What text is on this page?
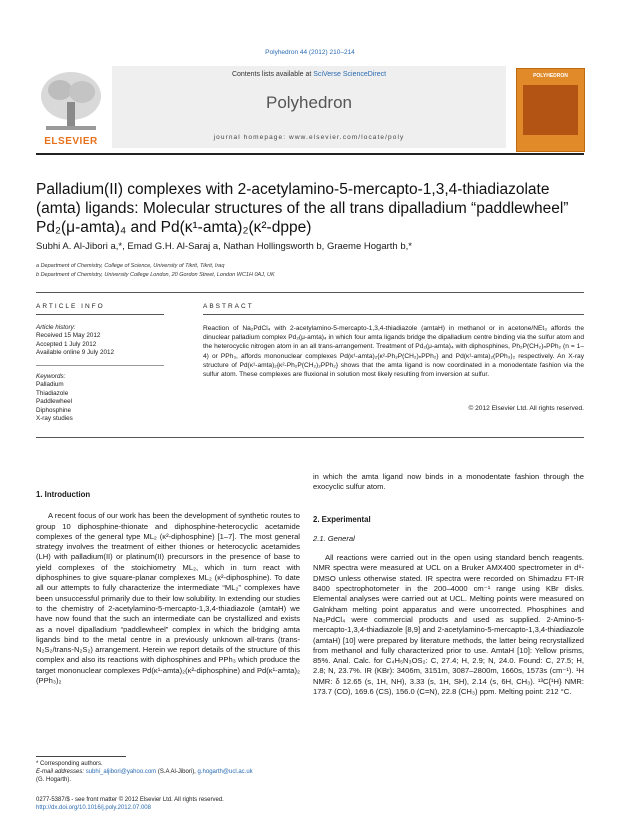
Polyhedron 44 (2012) 210–214
Contents lists available at SciVerse ScienceDirect
Polyhedron
journal homepage: www.elsevier.com/locate/poly
ELSEVIER
POLYHEDRON
Palladium(II) complexes with 2-acetylamino-5-mercapto-1,3,4-thiadiazolate
(amta) ligands: Molecular structures of the all trans dipalladium “paddlewheel”
Pd₂(μ-amta)₄ and Pd(κ¹-amta)₂(κ²-dppe)
Subhi A. Al-Jibori a,*, Emad G.H. Al-Saraj a, Nathan Hollingsworth b, Graeme Hogarth b,*
a Department of Chemistry, College of Science, University of Tikrit, Tikrit, Iraq
b Department of Chemistry, University College London, 20 Gordon Street, London WC1H 0AJ, UK
ARTICLE INFO	ABSTRACT
Article history:
Received 15 May 2012
Accepted 1 July 2012
Available online 9 July 2012
Keywords:
Palladium
Thiadiazole
Paddlewheel
Diphosphine
X-ray studies
Reaction of Na₂PdCl₄ with 2-acetylamino-5-mercapto-1,3,4-thiadiazole (amtaH) in methanol or in acetone/NEt₃ affords the dinuclear palladium complex Pd₂(μ-amta)₄ in which four amta ligands bridge the dipalladium centre binding via the sulfur atom and the heterocyclic nitrogen atom in an all trans-arrangement. Treatment of Pd₂(μ-amta)₄ with diphosphines, Ph₂P(CH₂)ₙPPh₂ (n = 1–4) or PPh₃, affords mononuclear complexes Pd(κ¹-amta)₂{κ²-Ph₂P(CH₂)ₙPPh₂} and Pd(κ¹-amta)₂(PPh₃)₂ respectively. An X-ray structure of Pd(κ¹-amta)₂{κ²-Ph₂P(CH₂)₂PPh₂} shows that the amta ligand is now coordinated in a monodentate fashion via the sulfur atom. These complexes are fluxional in solution most likely resulting from inversion at sulfur.
© 2012 Elsevier Ltd. All rights reserved.
1. Introduction
A recent focus of our work has been the development of synthetic routes to group 10 diphosphine-thionate and diphosphine-heterocyclic acetamide complexes of the general type ML₂ (κ²-diphosphine) [1–7]. The most general strategy involves the treatment of either thiones or heterocyclic acetamides (LH) with palladium(II) or platinum(II) precursors in the presence of base to yield complexes of the stoichiometry ML₂, which in turn react with diphosphines to give square-planar complexes ML₂ (κ²-diphosphine). To date all our attempts to fully characterize the intermediate “ML₂” complexes have been unsuccessful primarily due to their low solubility. In extending our studies to the chemistry of 2-acetylamino-5-mercapto-1,3,4-thiadiazole (amtaH) we have now found that the such an intermediate can be crystallized and exists as a novel dipalladium “paddlewheel” complex in which the bridging amta ligands bind to the metal centre in a previously unknown all-trans (trans-N₂S₂/trans-N₂S₂) arrangement. Herein we report details of the structure of this complex and also its reactions with diphosphines and PPh₃ which produce the target mononuclear complexes Pd(κ¹-amta)₂(κ²-diphosphine) and Pd(κ¹-amta)₂ (PPh₃)₂
in which the amta ligand now binds in a monodentate fashion through the exocyclic sulfur atom.
2. Experimental
2.1. General
All reactions were carried out in the open using standard bench reagents. NMR spectra were measured at UCL on a Bruker AMX400 spectrometer in d⁶-DMSO unless otherwise stated. IR spectra were recorded on Shimadzu FT-IR 8400 spectrophotometer in the 200–4000 cm⁻¹ range using KBr disks. Elemental analyses were carried out at UCL. Melting points were measured on Galnkham melting point apparatus and were uncorrected. Phosphines and Na₂PdCl₄ were commercial products and used as supplied. 2-Amino-5-mercapto-1,3,4-thiadiazole [8,9] and 2-acetylamino-5-mercapto-1,3,4-thiadiazole (amtaH) [10] were prepared by literature methods, the latter being recrystallized from methanol and fully characterized prior to use. AmtaH [10]: Yellow prisms, 85%. Anal. Calc. for C₄H₅N₃OS₂: C, 27.4; H, 2.9; N, 24.0. Found: C, 27.5; H, 2.8; N, 23.7%. IR (KBr): 3406m, 3151m, 3087–2800m, 1660s, 1573s (cm⁻¹). ¹H NMR: δ 12.65 (s, 1H, NH), 3.33 (s, 1H, SH), 2.14 (s, 6H, CH₃). ¹³C{¹H} NMR: 173.7 (CO), 169.6 (CS), 156.0 (C=N), 22.8 (CH₃) ppm. Melting point: 212 °C.
* Corresponding authors.
E-mail addresses: subhi_aljibori@yahoo.com (S.A Al-Jibori), g.hogarth@ucl.ac.uk
(G. Hogarth).
0277-5387/$ - see front matter © 2012 Elsevier Ltd. All rights reserved.
http://dx.doi.org/10.1016/j.poly.2012.07.008
